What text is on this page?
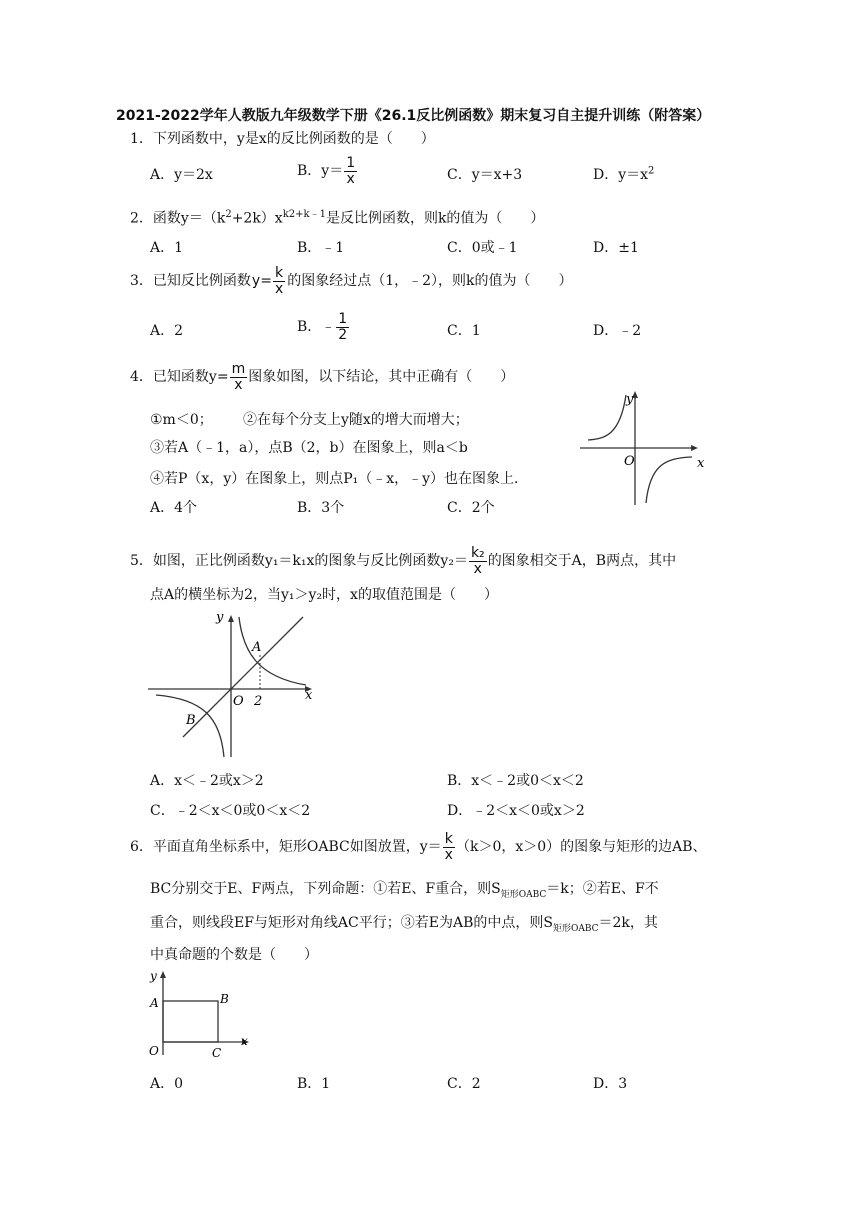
2021-2022学年人教版九年级数学下册《26.1反比例函数》期末复习自主提升训练（附答案）
1．下列函数中，y是x的反比例函数的是（　　）
A．y＝2x	B．$y= \frac{1}{x}$	C．y＝x+3	D．$y=x^2$
2．函数$y=(k^2+2k)x^{k2+k﹣1}$是反比例函数，则k的值为（　　）
A．1	B．﹣1	C．0或﹣1	D．±1
3．已知反比例函数$y= \frac{k}{x}$ 的图象经过点（1，﹣2），则k的值为（　　）
A．2	B．﹣ $\frac{1}{2}$	C．1	D．﹣2
4．已知函数$y= \frac{m}{x}$ 图象如图，以下结论，其中正确有（　　）
①m＜0； ②在每个分支上y随x的增大而增大；
③若A（﹣1，a），点B（2，b）在图象上，则a＜b
④若P（x，y）在图象上，则点P₁（﹣x，﹣y）也在图象上．
A．4个	B．3个	C．2个
y
x
O
5．如图，正比例函数y₁＝k₁x的图象与反比例函数$y_2= \frac{\text{k₂}}{x}$ 的图象相交于A，B两点，其中
点A的横坐标为2，当y₁＞y₂时，x的取值范围是（　　）
y
x
O 2
A
B
A．x＜﹣2或x＞2	B．x＜﹣2或0＜x＜2
C．﹣2＜x＜0或0＜x＜2	D．﹣2＜x＜0或x＞2
6．平面直角坐标系中，矩形OABC如图放置，$y= \frac{k}{x} (k>0$，x＞0）的图象与矩形的边AB、
BC分别交于E、F两点，下列命题：①若E、F重合，则$S_{矩形OABC}=k$；②若E、F不
重合，则线段EF与矩形对角线AC平行；③若E为AB的中点，则$S_{矩形OABC}=2k$，其
中真命题的个数是（　　）
y
x
O
A	B
C
A．0	B．1	C．2	D．3
